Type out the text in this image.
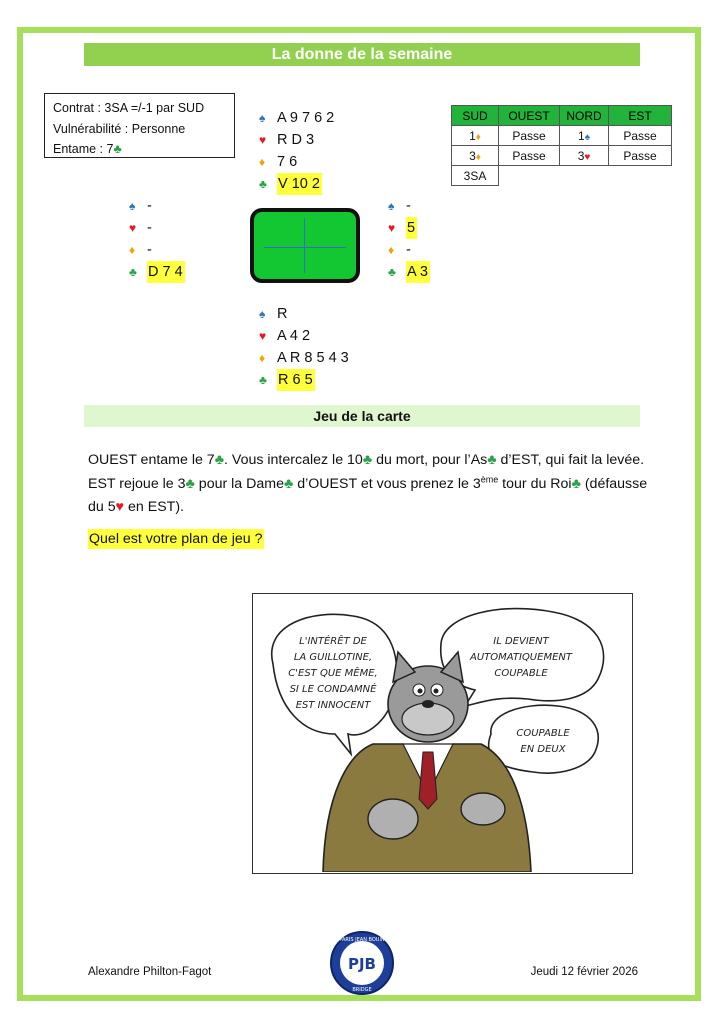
La donne de la semaine
Contrat : 3SA =/-1 par SUD
Vulnérabilité : Personne
Entame : 7♣
♠ A 9 7 6 2
♥ R D 3
♦ 7 6
♣ V 10 2
♠ -
♥ -
♦ -
♣ D 7 4
♠ -
♥ 5
♦ -
♣ A 3
♠ R
♥ A 4 2
♦ A R 8 5 4 3
♣ R 6 5
SUD	OUEST	NORD	EST
1♦	Passe	1♠	Passe
3♦	Passe	3♥	Passe
3SA			
Jeu de la carte
OUEST entame le 7♣. Vous intercalez le 10♣ du mort, pour l’As♣ d’EST, qui fait la levée. EST rejoue le 3♣ pour la Dame♣ d’OUEST et vous prenez le 3ème tour du Roi♣ (défausse du 5♥ en EST).
Quel est votre plan de jeu ?
L'INTÉRÊT DE
LA GUILLOTINE,
C'EST QUE MÊME,
SI LE CONDAMNÉ
EST INNOCENT
IL DEVIENT
AUTOMATIQUEMENT
COUPABLE
COUPABLE
EN DEUX
Alexandre Philton-Fagot
PARIS JEAN BOUIN
PJB
BRIDGE
Jeudi 12 février 2026
